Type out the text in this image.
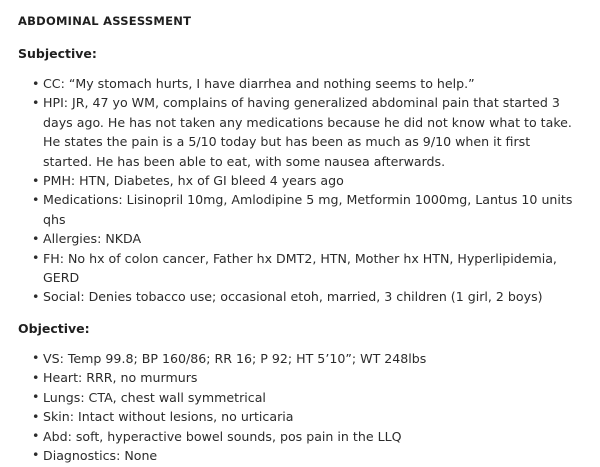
ABDOMINAL ASSESSMENT
Subjective:
• CC: “My stomach hurts, I have diarrhea and nothing seems to help.”
• HPI: JR, 47 yo WM, complains of having generalized abdominal pain that started 3 days ago. He has not taken any medications because he did not know what to take. He states the pain is a 5/10 today but has been as much as 9/10 when it first started. He has been able to eat, with some nausea afterwards.
• PMH: HTN, Diabetes, hx of GI bleed 4 years ago
• Medications: Lisinopril 10mg, Amlodipine 5 mg, Metformin 1000mg, Lantus 10 units qhs
• Allergies: NKDA
• FH: No hx of colon cancer, Father hx DMT2, HTN, Mother hx HTN, Hyperlipidemia, GERD
• Social: Denies tobacco use; occasional etoh, married, 3 children (1 girl, 2 boys)
Objective:
• VS: Temp 99.8; BP 160/86; RR 16; P 92; HT 5’10”; WT 248lbs
• Heart: RRR, no murmurs
• Lungs: CTA, chest wall symmetrical
• Skin: Intact without lesions, no urticaria
• Abd: soft, hyperactive bowel sounds, pos pain in the LLQ
• Diagnostics: None
